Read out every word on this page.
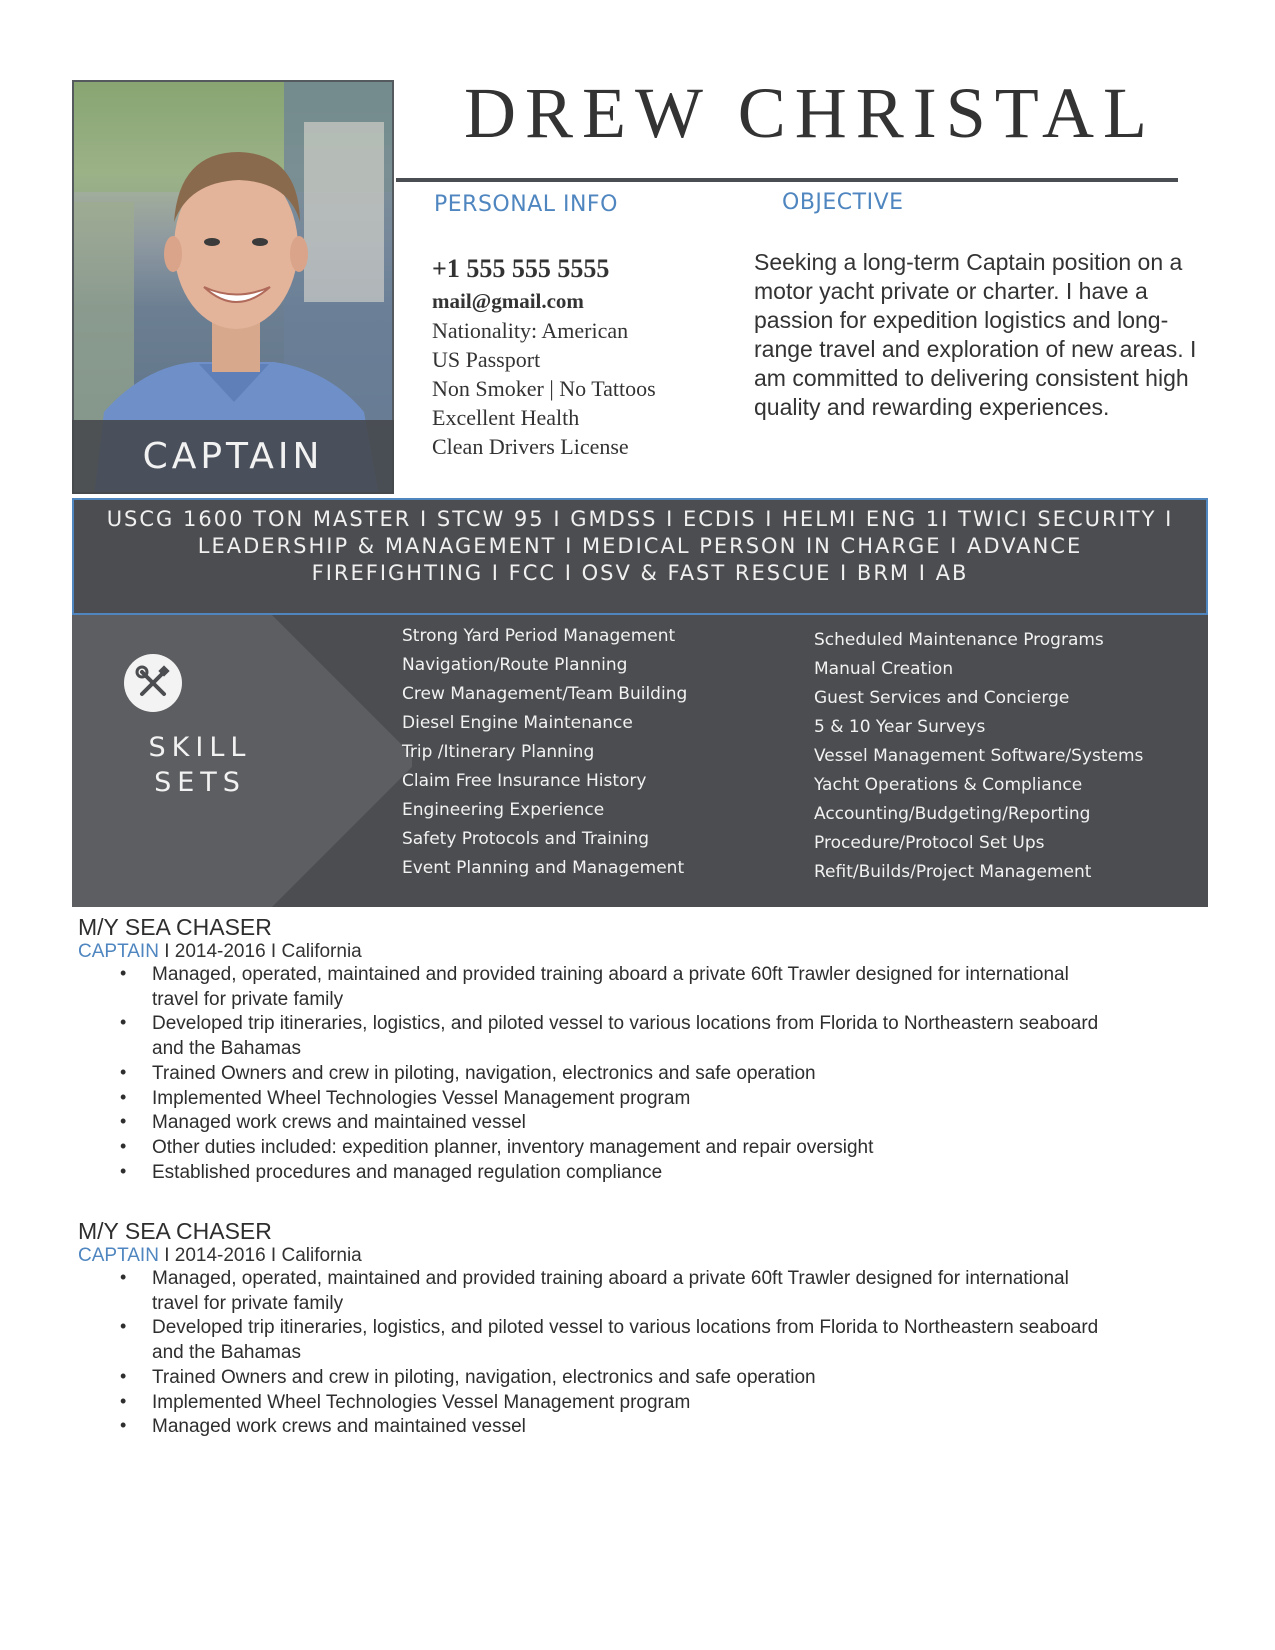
CAPTAIN
DREW CHRISTAL
PERSONAL INFO
+1 555 555 5555
mail@gmail.com
Nationality: American
US Passport
Non Smoker | No Tattoos
Excellent Health
Clean Drivers License
OBJECTIVE
Seeking a long-term Captain position on a motor yacht private or charter. I have a passion for expedition logistics and long-range travel and exploration of new areas. I am committed to delivering consistent high quality and rewarding experiences.
USCG 1600 TON MASTER I STCW 95 I GMDSS I ECDIS I HELMI ENG 1I TWICI SECURITY I
LEADERSHIP & MANAGEMENT I MEDICAL PERSON IN CHARGE I ADVANCE
FIREFIGHTING I FCC I OSV & FAST RESCUE I BRM I AB
SKILL
SETS
Strong Yard Period Management
Navigation/Route Planning
Crew Management/Team Building
Diesel Engine Maintenance
Trip /Itinerary Planning
Claim Free Insurance History
Engineering Experience
Safety Protocols and Training
Event Planning and Management
Scheduled Maintenance Programs
Manual Creation
Guest Services and Concierge
5 & 10 Year Surveys
Vessel Management Software/Systems
Yacht Operations & Compliance
Accounting/Budgeting/Reporting
Procedure/Protocol Set Ups
Refit/Builds/Project Management
M/Y SEA CHASER
CAPTAIN I 2014-2016 I California
• Managed, operated, maintained and provided training aboard a private 60ft Trawler designed for international travel for private family
• Developed trip itineraries, logistics, and piloted vessel to various locations from Florida to Northeastern seaboard and the Bahamas
• Trained Owners and crew in piloting, navigation, electronics and safe operation
• Implemented Wheel Technologies Vessel Management program
• Managed work crews and maintained vessel
• Other duties included: expedition planner, inventory management and repair oversight
• Established procedures and managed regulation compliance
M/Y SEA CHASER
CAPTAIN I 2014-2016 I California
• Managed, operated, maintained and provided training aboard a private 60ft Trawler designed for international travel for private family
• Developed trip itineraries, logistics, and piloted vessel to various locations from Florida to Northeastern seaboard and the Bahamas
• Trained Owners and crew in piloting, navigation, electronics and safe operation
• Implemented Wheel Technologies Vessel Management program
• Managed work crews and maintained vessel
